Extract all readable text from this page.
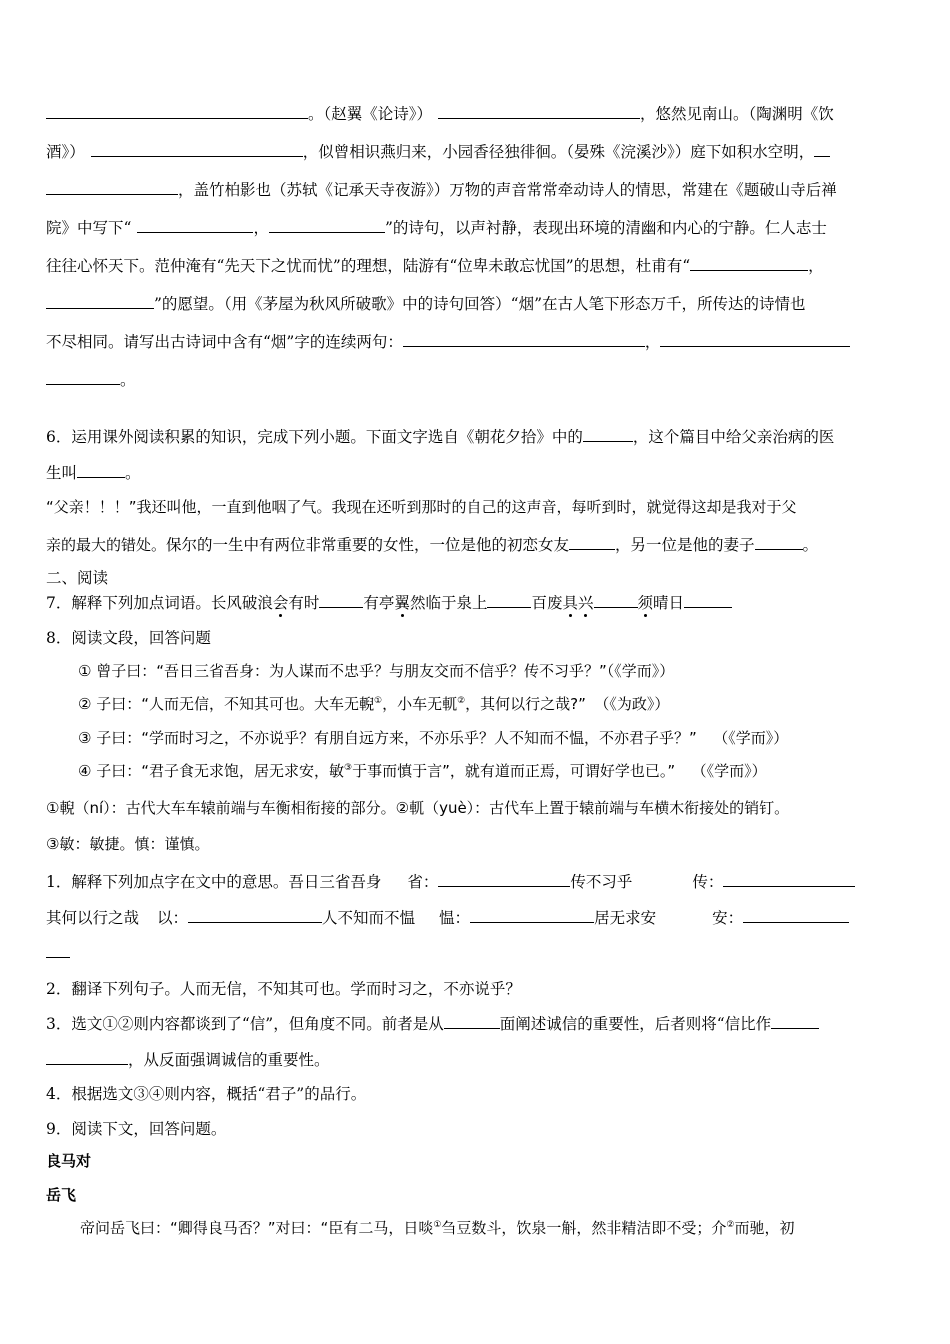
。（赵翼《论诗》）	，悠然见南山。（陶渊明《饮
酒》）	，似曾相识燕归来，小园香径独徘徊。（晏殊《浣溪沙》）庭下如积水空明，
，盖竹柏影也（苏轼《记承天寺夜游》）万物的声音常常牵动诗人的情思，常建在《题破山寺后禅
院》中写下“	，	”的诗句，以声衬静，表现出环境的清幽和内心的宁静。仁人志士
往往心怀天下。范仲淹有“先天下之忧而忧”的理想，陆游有“位卑未敢忘忧国”的思想，杜甫有“	，
”的愿望。（用《茅屋为秋风所破歌》中的诗句回答）“烟”在古人笔下形态万千，所传达的诗情也
不尽相同。请写出古诗词中含有“烟”字的连续两句：	，
。
6．运用课外阅读积累的知识，完成下列小题。下面文字选自《朝花夕拾》中的	，这个篇目中给父亲治病的医
生叫	。
“父亲！！！”我还叫他，一直到他咽了气。我现在还听到那时的自己的这声音，每听到时，就觉得这却是我对于父
亲的最大的错处。保尔的一生中有两位非常重要的女性，一位是他的初恋女友	，另一位是他的妻子	。
二、阅读
7．解释下列加点词语。长风破浪会有时	有亭翼然临于泉上	百废具兴	须晴日
8．阅读文段，回答问题
① 曾子曰：“吾日三省吾身：为人谋而不忠乎？与朋友交而不信乎？传不习乎？”（《学而》）
② 子曰：“人而无信，不知其可也。大车无輗①，小车无軏②，其何以行之哉?” （《为政》）
③ 子曰：“学而时习之，不亦说乎？有朋自远方来，不亦乐乎？人不知而不愠，不亦君子乎？” （《学而》）
④ 子曰：“君子食无求饱，居无求安，敏③于事而慎于言”，就有道而正焉，可谓好学也已。” （《学而》）
①輗（ní）：古代大车车辕前端与车衡相衔接的部分。②軏（yuè）：古代车上置于辕前端与车横木衔接处的销钉。
③敏：敏捷。慎：谨慎。
1．解释下列加点字在文中的意思。吾日三省吾身 省：	传不习乎	传：
其何以行之哉 以：	人不知而不愠 愠：	居无求安	安：
2．翻译下列句子。人而无信，不知其可也。学而时习之，不亦说乎？
3．选文①②则内容都谈到了“信”，但角度不同。前者是从	面阐述诚信的重要性，后者则将“信比作
，从反面强调诚信的重要性。
4．根据选文③④则内容，概括“君子”的品行。
9．阅读下文，回答问题。
良马对
岳飞
帝问岳飞曰：“卿得良马否？”对曰：“臣有二马，日啖①刍豆数斗，饮泉一斛，然非精洁即不受；介②而驰，初
